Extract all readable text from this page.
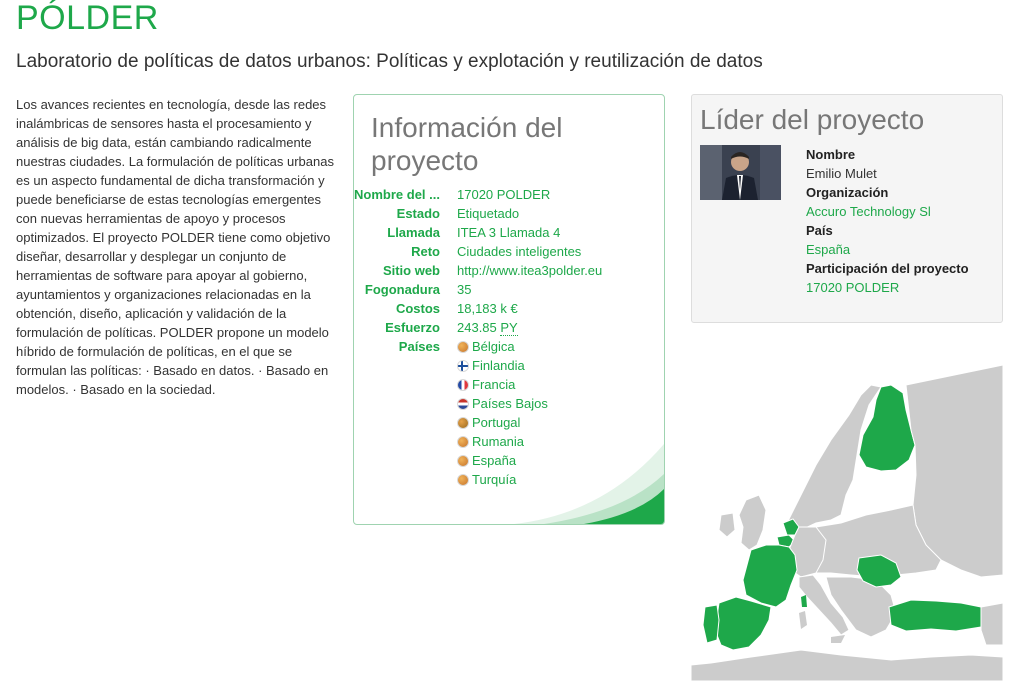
PÓLDER
Laboratorio de políticas de datos urbanos: Políticas y explotación y reutilización de datos
Los avances recientes en tecnología, desde las redes inalámbricas de sensores hasta el procesamiento y análisis de big data, están cambiando radicalmente nuestras ciudades. La formulación de políticas urbanas es un aspecto fundamental de dicha transformación y puede beneficiarse de estas tecnologías emergentes con nuevas herramientas de apoyo y procesos optimizados. El proyecto POLDER tiene como objetivo diseñar, desarrollar y desplegar un conjunto de herramientas de software para apoyar al gobierno, ayuntamientos y organizaciones relacionadas en la obtención, diseño, aplicación y validación de la formulación de políticas. POLDER propone un modelo híbrido de formulación de políticas, en el que se formulan las políticas: · Basado en datos. · Basado en modelos. · Basado en la sociedad.
Información del proyecto
Nombre del ...	17020 POLDER
Estado	Etiquetado
Llamada	ITEA 3 Llamada 4
Reto	Ciudades inteligentes
Sitio web	http://www.itea3polder.eu
Fogonadura	35
Costos	18,183 k €
Esfuerzo	243.85 PY
Países	Bélgica
Finlandia
Francia
Países Bajos
Portugal
Rumania
España
Turquía
Líder del proyecto
Nombre
Emilio Mulet
Organización
Accuro Technology Sl
País
España
Participación del proyecto
17020 POLDER
